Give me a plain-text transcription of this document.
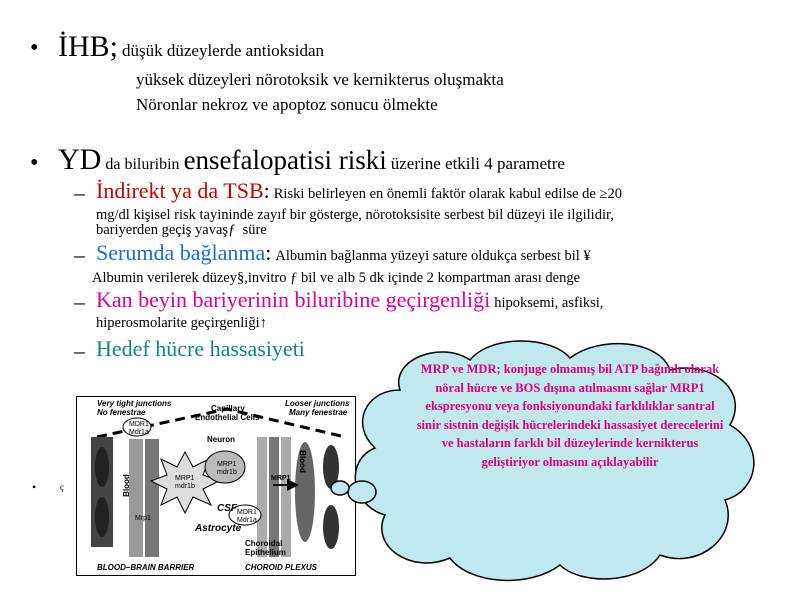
• İHB; düşük düzeylerde antioksidan
yüksek düzeyleri nörotoksik ve kernikterus oluşmakta
Nöronlar nekroz ve apoptoz sonucu ölmekte
• YD da biluribin ensefalopatisi riski üzerine etkili 4 parametre
– İndirekt ya da TSB: Riski belirleyen en önemli faktör olarak kabul edilse de ≥20
mg/dl kişisel risk tayininde zayıf bir gösterge, nörotoksisite serbest bil düzeyi ile ilgilidir,
bariyerden geçiş yavaşƒ süre
– Serumda bağlanma: Albumin bağlanma yüzeyi sature oldukça serbest bil ¥
Albumin verilerek düzey§,invitro ƒ bil ve alb 5 dk içinde 2 kompartman arası denge
– Kan beyin bariyerinin biluribine geçirgenliği hipoksemi, asfiksi,
hiperosmolarite geçirgenliği↑
– Hedef hücre hassasiyeti
•	ç
Very tight junctions
No fenestrae
Looser junctions
Many fenestrae
Capillary
Endothelial Cells
Neuron
MDR1
Mdr1a
MRP1
mdr1b
MRP1
mdr1b
Blood
Blood
CSF
Astrocyte
MRP1
Mrp1
MDR1
Mdr1a
Choroidal
Epithelium
BLOOD–BRAIN BARRIER	CHOROID PLEXUS
MRP ve MDR; konjuge olmamış bil ATP bağımlı olarak nöral hücre ve BOS dışına atılmasını sağlar MRP1 ekspresyonu veya fonksiyonundaki farklılıklar santral sinir sistnin değişik hücrelerindeki hassasiyet derecelerini ve hastaların farklı bil düzeylerinde kernikterus geliştiriyor olmasını açıklayabilir
